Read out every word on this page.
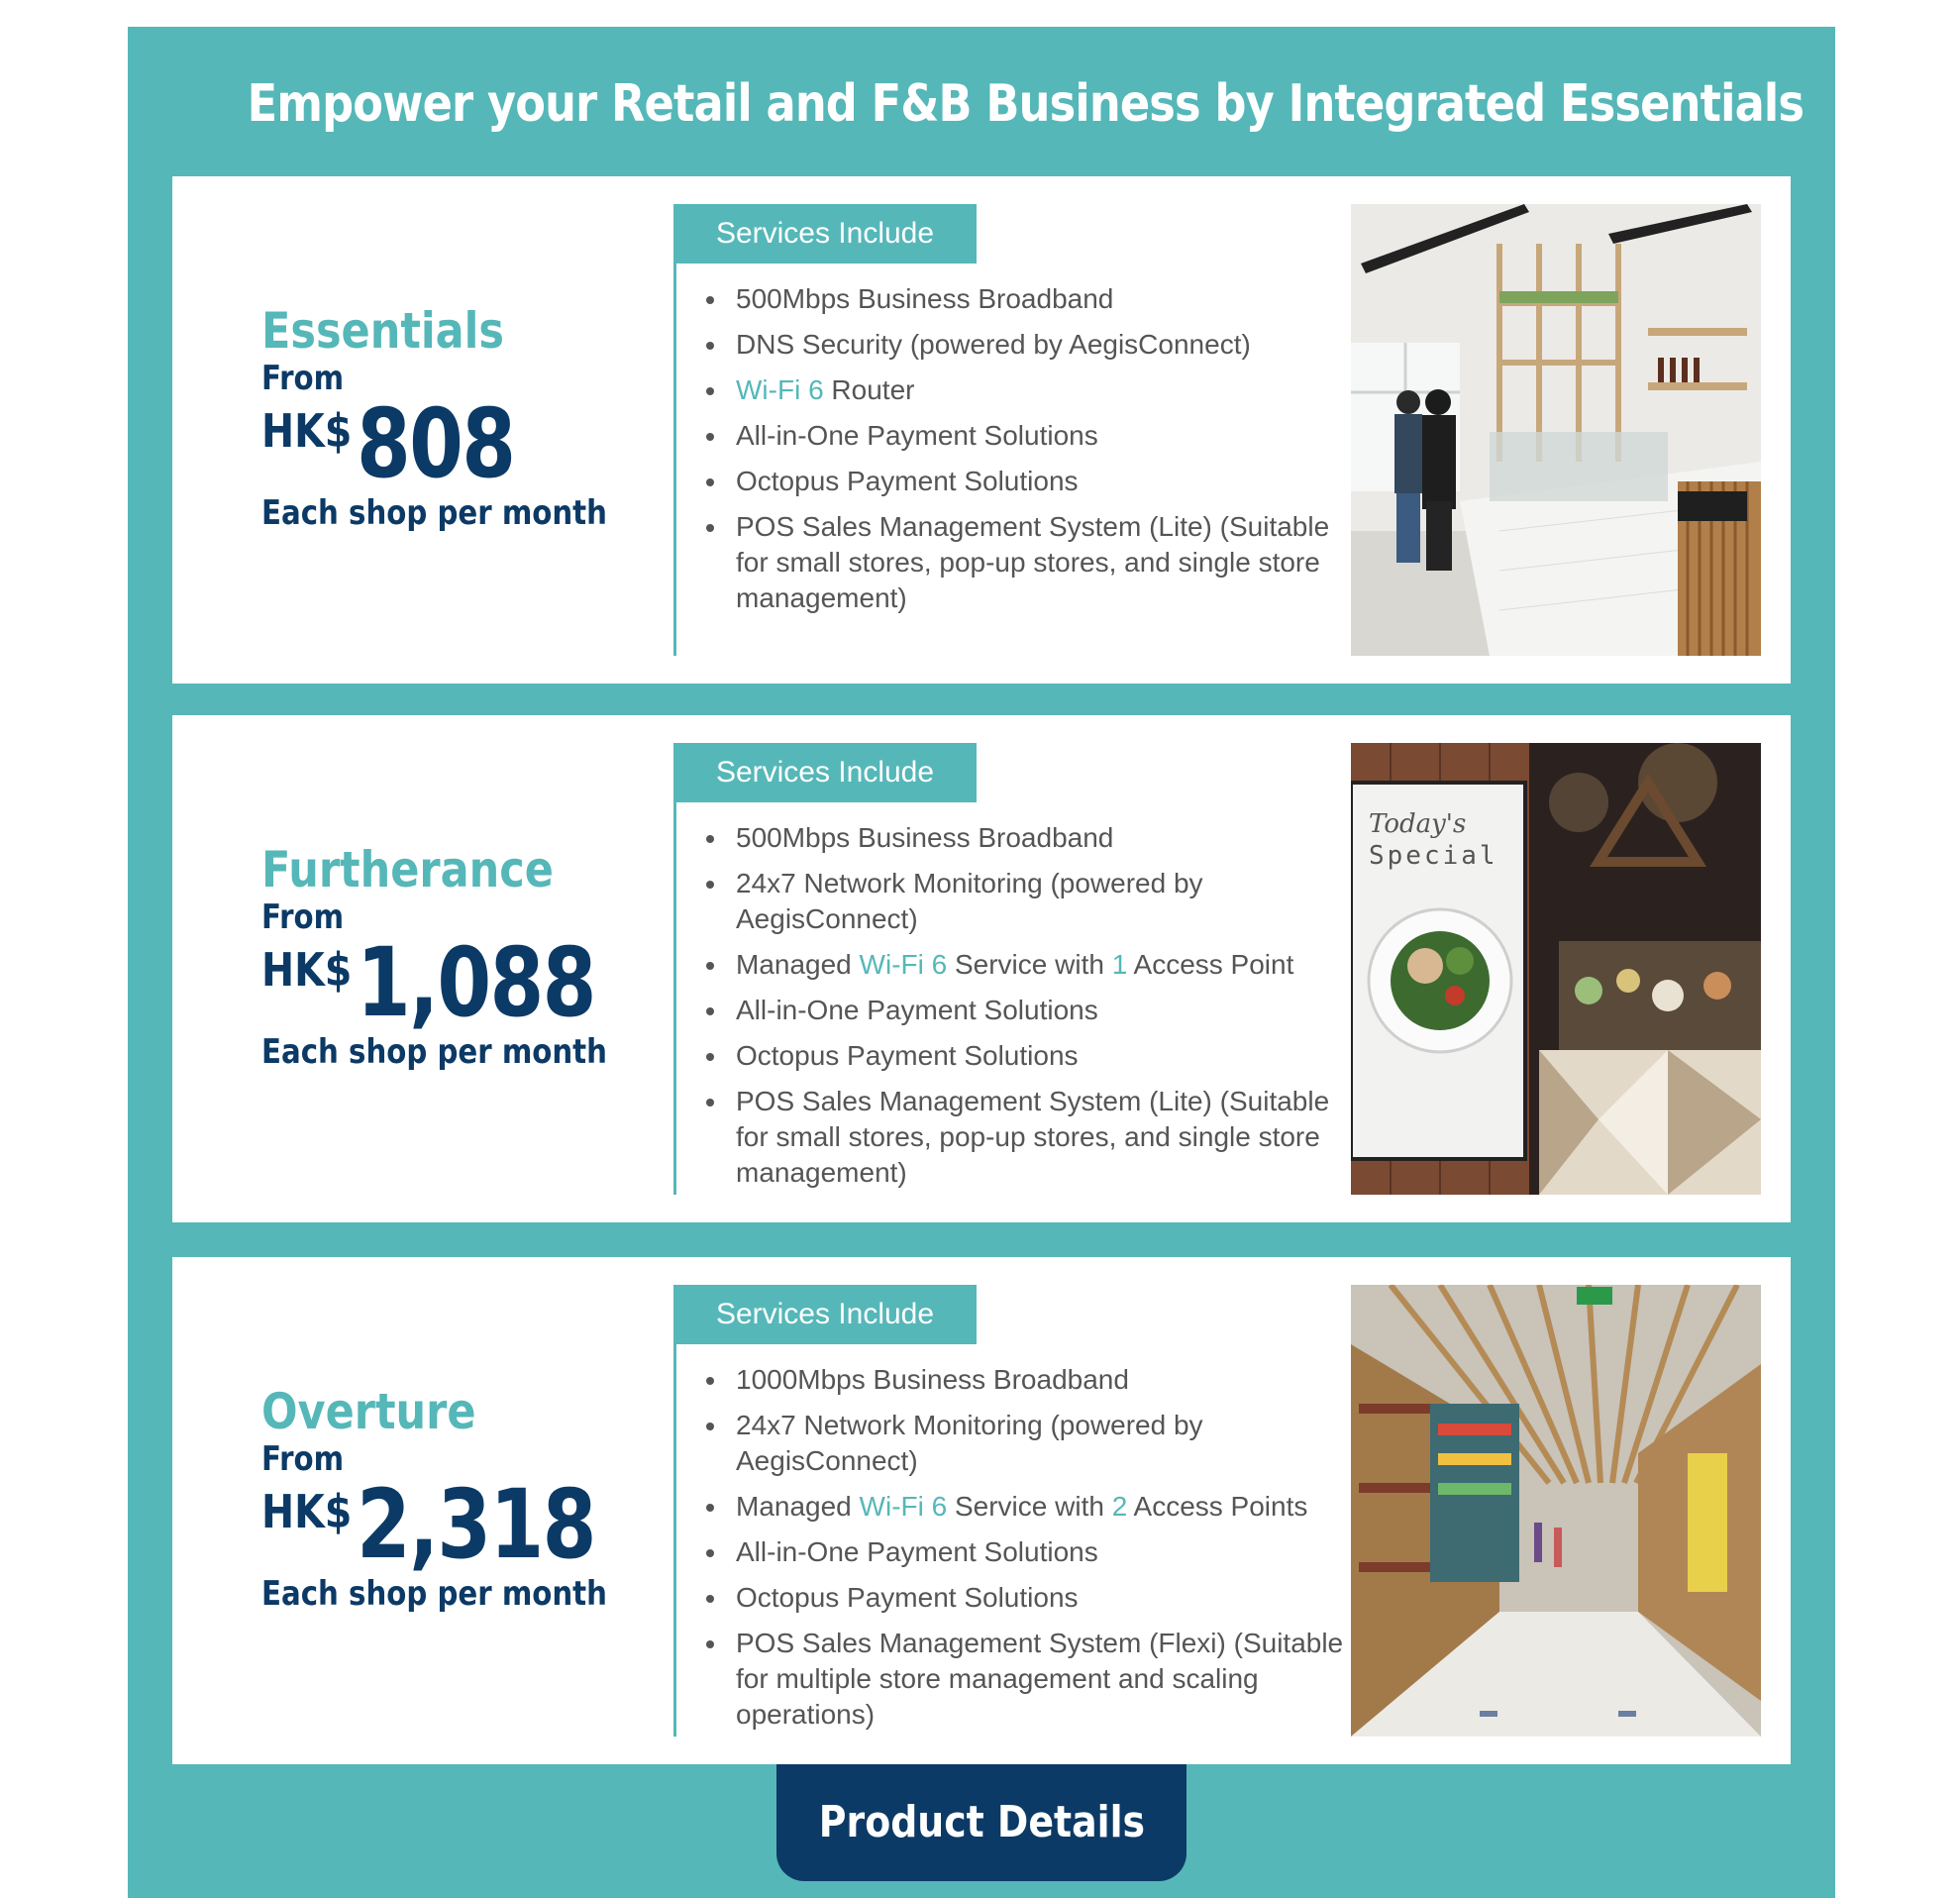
Empower your Retail and F&B Business by Integrated Essentials
Essentials
From
HK$ 808
Each shop per month
Services Include
500Mbps Business Broadband
DNS Security (powered by AegisConnect)
Wi-Fi 6 Router
All-in-One Payment Solutions
Octopus Payment Solutions
POS Sales Management System (Lite) (Suitable for small stores, pop-up stores, and single store management)
Furtherance
From
HK$ 1,088
Each shop per month
Services Include
500Mbps Business Broadband
24x7 Network Monitoring (powered by AegisConnect)
Managed Wi-Fi 6 Service with 1 Access Point
All-in-One Payment Solutions
Octopus Payment Solutions
POS Sales Management System (Lite) (Suitable for small stores, pop-up stores, and single store management)
Today's
Special
Overture
From
HK$ 2,318
Each shop per month
Services Include
1000Mbps Business Broadband
24x7 Network Monitoring (powered by AegisConnect)
Managed Wi-Fi 6 Service with 2 Access Points
All-in-One Payment Solutions
Octopus Payment Solutions
POS Sales Management System (Flexi) (Suitable for multiple store management and scaling operations)
Product Details
